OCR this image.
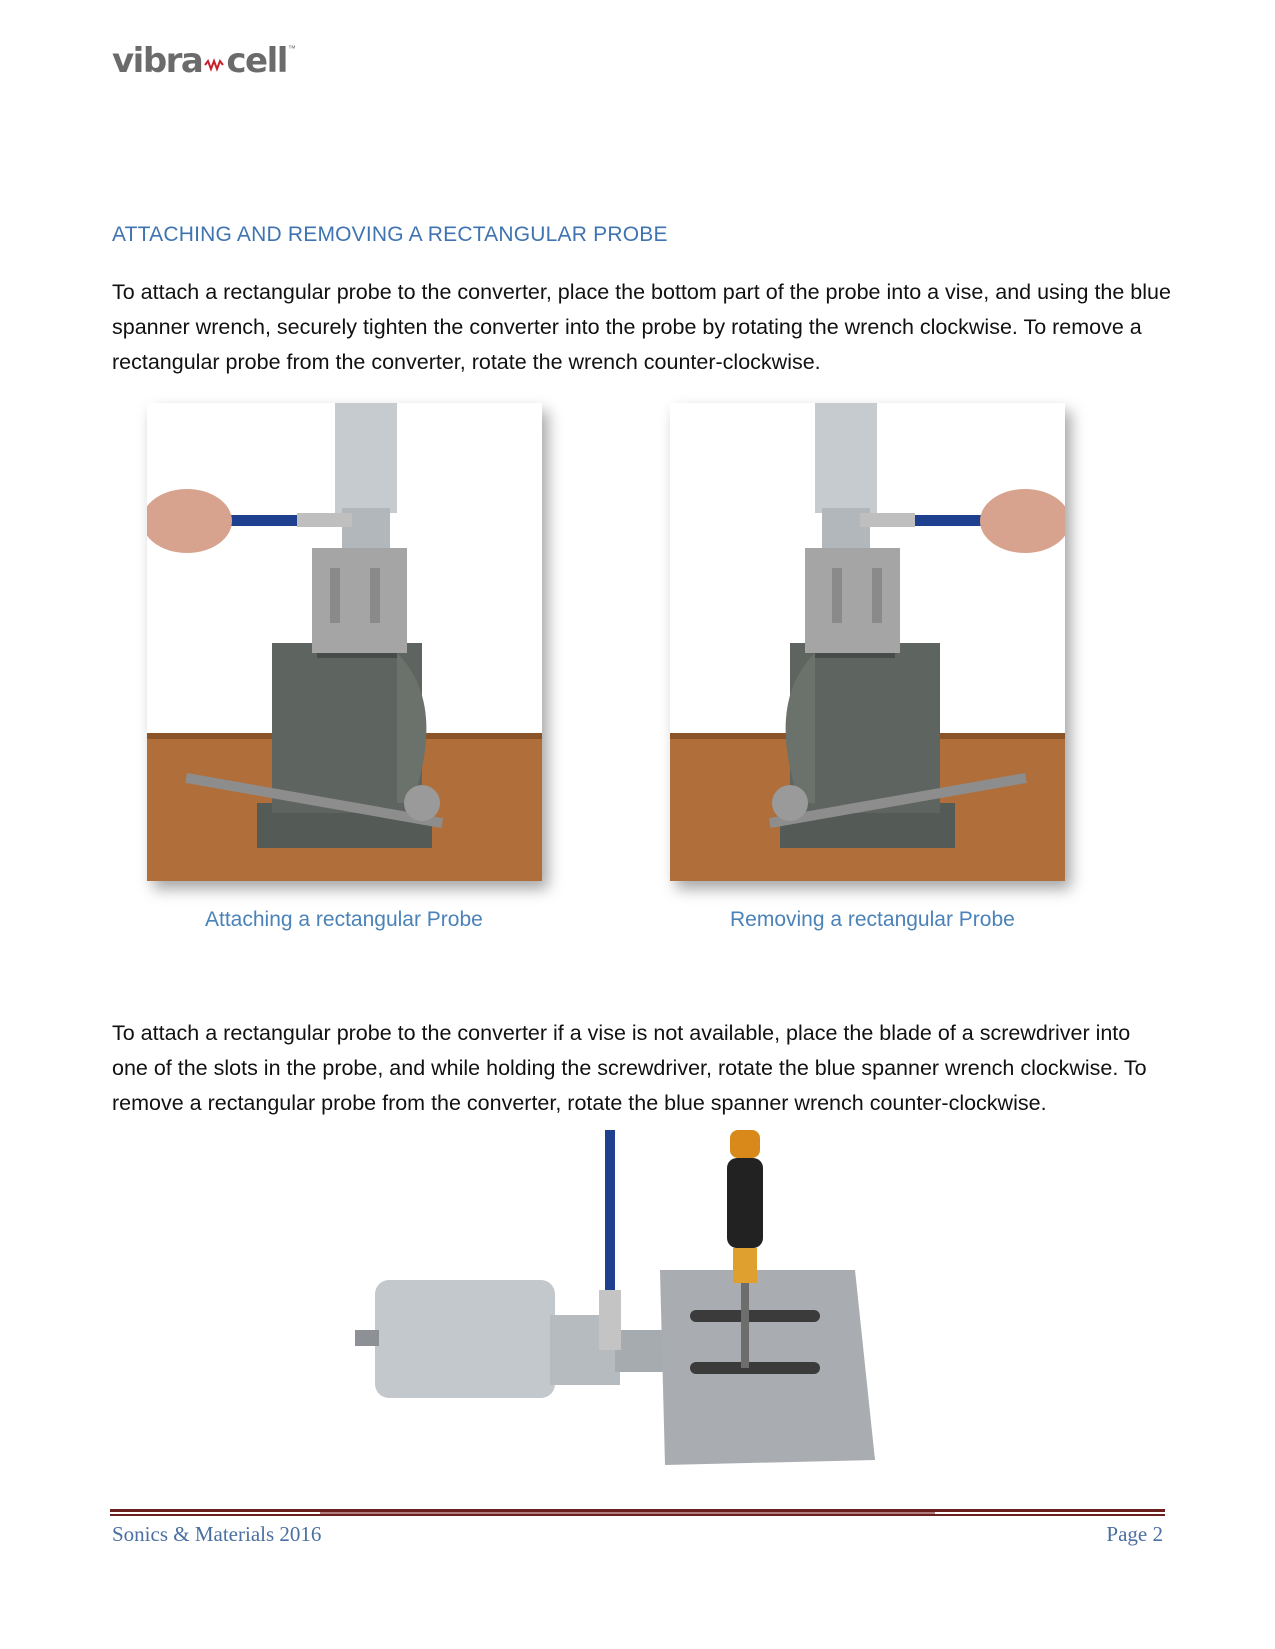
vibra cell ™
ATTACHING AND REMOVING A RECTANGULAR PROBE
To attach a rectangular probe to the converter, place the bottom part of the probe into a vise, and using the blue spanner wrench, securely tighten the converter into the probe by rotating the wrench clockwise. To remove a rectangular probe from the converter, rotate the wrench counter-clockwise.
Attaching a rectangular Probe	Removing a rectangular Probe
To attach a rectangular probe to the converter if a vise is not available, place the blade of a screwdriver into one of the slots in the probe, and while holding the screwdriver, rotate the blue spanner wrench clockwise. To remove a rectangular probe from the converter, rotate the blue spanner wrench counter-clockwise.
Sonics & Materials 2016	Page 2
